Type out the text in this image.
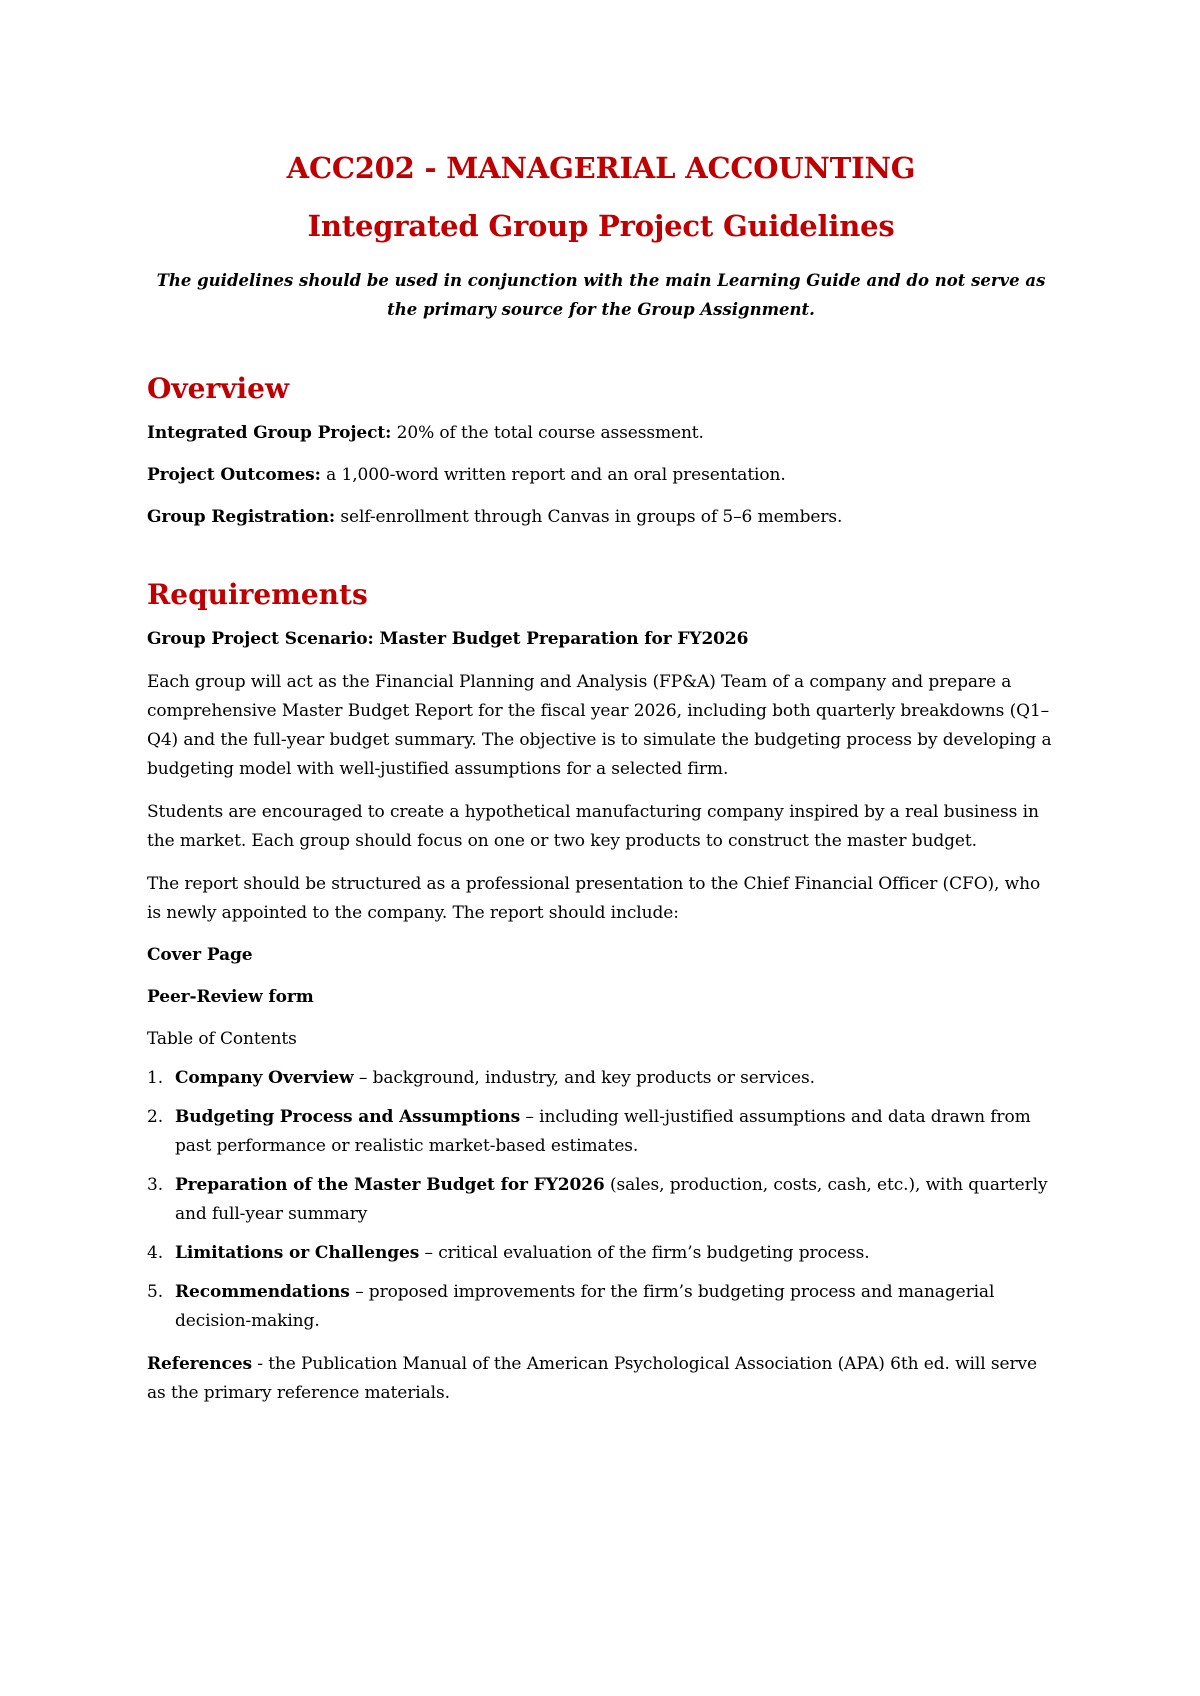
ACC202 - MANAGERIAL ACCOUNTING
Integrated Group Project Guidelines

The guidelines should be used in conjunction with the main Learning Guide and do not serve as the primary source for the Group Assignment.

Overview

Integrated Group Project: 20% of the total course assessment.

Project Outcomes: a 1,000-word written report and an oral presentation.

Group Registration: self-enrollment through Canvas in groups of 5–6 members.

Requirements

Group Project Scenario: Master Budget Preparation for FY2026

Each group will act as the Financial Planning and Analysis (FP&A) Team of a company and prepare a comprehensive Master Budget Report for the fiscal year 2026, including both quarterly breakdowns (Q1–Q4) and the full-year budget summary. The objective is to simulate the budgeting process by developing a budgeting model with well-justified assumptions for a selected firm.

Students are encouraged to create a hypothetical manufacturing company inspired by a real business in the market. Each group should focus on one or two key products to construct the master budget.

The report should be structured as a professional presentation to the Chief Financial Officer (CFO), who is newly appointed to the company. The report should include:

Cover Page

Peer-Review form

Table of Contents

1. Company Overview – background, industry, and key products or services.
2. Budgeting Process and Assumptions – including well-justified assumptions and data drawn from past performance or realistic market-based estimates.
3. Preparation of the Master Budget for FY2026 (sales, production, costs, cash, etc.), with quarterly and full-year summary
4. Limitations or Challenges – critical evaluation of the firm’s budgeting process.
5. Recommendations – proposed improvements for the firm’s budgeting process and managerial decision-making.

References - the Publication Manual of the American Psychological Association (APA) 6th ed. will serve as the primary reference materials.
